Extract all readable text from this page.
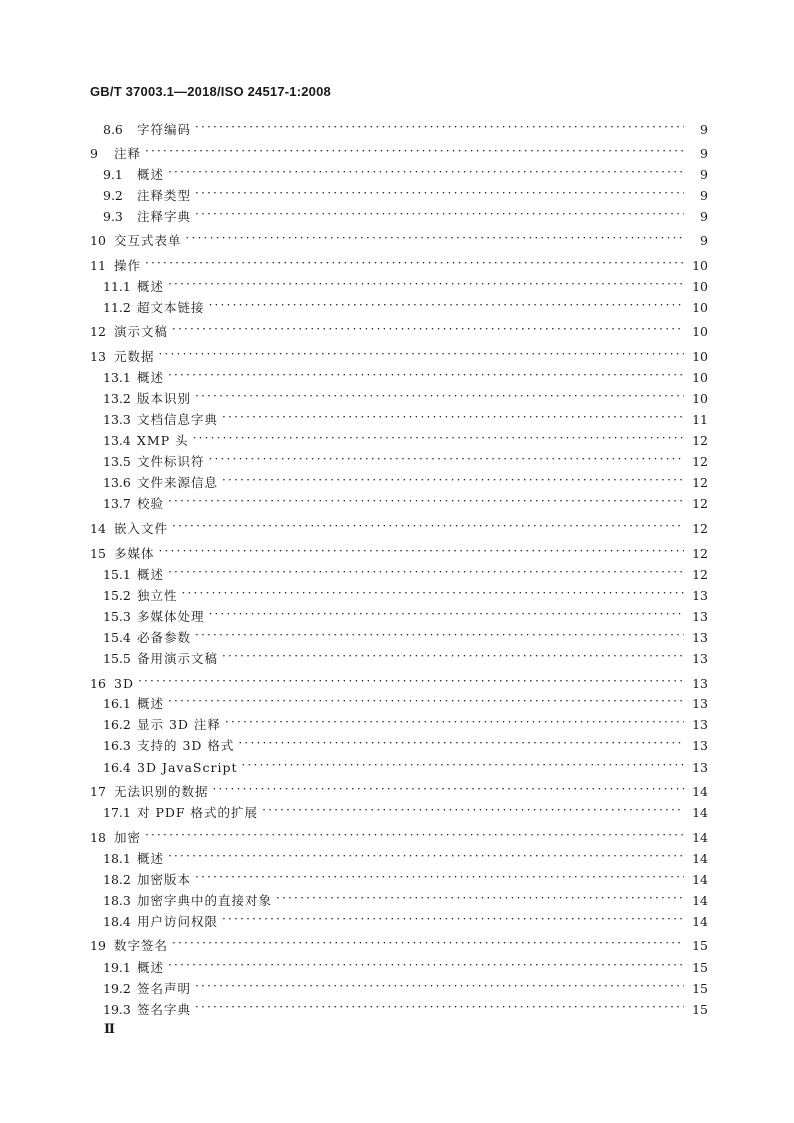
GB/T 37003.1—2018/ISO 24517-1:2008
8.6	字符编码 ·····	9
9	注释 ·····	9
9.1	概述 ·····	9
9.2	注释类型 ·····	9
9.3	注释字典 ·····	9
10 交互式表单 ·····	9
11 操作 ·····	10
11.1 概述 ·····	10
11.2 超文本链接 ·····	10
12 演示文稿 ·····	10
13 元数据 ·····	10
13.1 概述 ·····	10
13.2 版本识别 ·····	10
13.3 文档信息字典 ·····	11
13.4 XMP 头 ·····	12
13.5 文件标识符 ·····	12
13.6 文件来源信息 ·····	12
13.7 校验 ·····	12
14 嵌入文件 ·····	12
15 多媒体 ·····	12
15.1 概述 ·····	12
15.2 独立性 ·····	13
15.3 多媒体处理 ·····	13
15.4 必备参数 ·····	13
15.5 备用演示文稿 ·····	13
16 3D ·····	13
16.1 概述 ·····	13
16.2 显示 3D 注释 ·····	13
16.3 支持的 3D 格式 ·····	13
16.4 3D JavaScript ·····	13
17 无法识别的数据 ·····	14
17.1 对 PDF 格式的扩展 ·····	14
18 加密 ·····	14
18.1 概述 ·····	14
18.2 加密版本 ·····	14
18.3 加密字典中的直接对象 ·····	14
18.4 用户访问权限 ·····	14
19 数字签名 ·····	15
19.1 概述 ·····	15
19.2 签名声明 ·····	15
19.3 签名字典 ·····	15
Ⅱ
